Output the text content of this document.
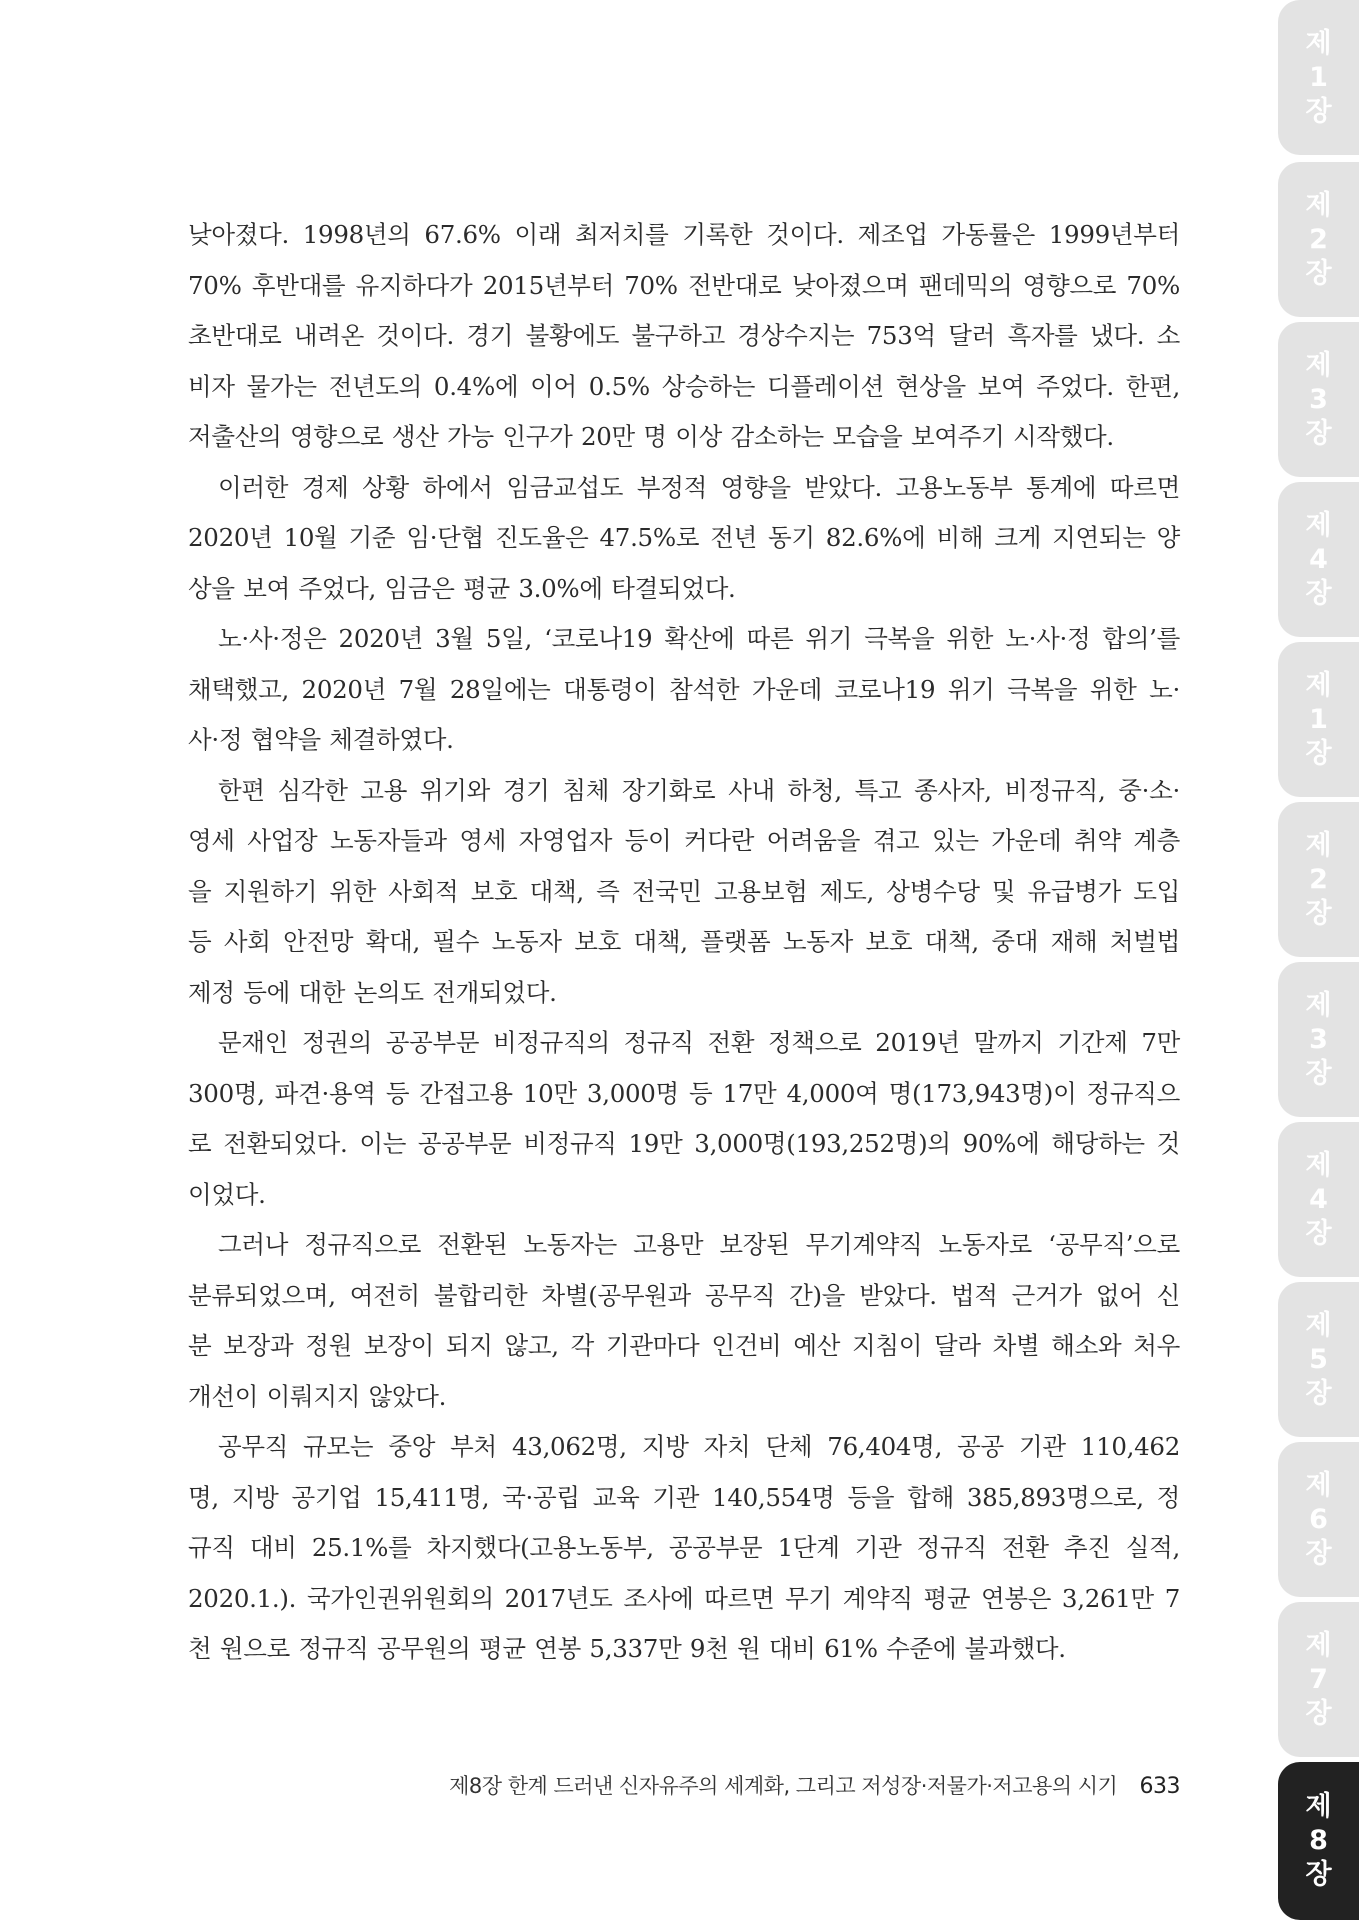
낮아졌다. 1998년의 67.6% 이래 최저치를 기록한 것이다. 제조업 가동률은 1999년부터
70% 후반대를 유지하다가 2015년부터 70% 전반대로 낮아졌으며 팬데믹의 영향으로 70%
초반대로 내려온 것이다. 경기 불황에도 불구하고 경상수지는 753억 달러 흑자를 냈다. 소
비자 물가는 전년도의 0.4%에 이어 0.5% 상승하는 디플레이션 현상을 보여 주었다. 한편,
저출산의 영향으로 생산 가능 인구가 20만 명 이상 감소하는 모습을 보여주기 시작했다.
이러한 경제 상황 하에서 임금교섭도 부정적 영향을 받았다. 고용노동부 통계에 따르면
2020년 10월 기준 임·단협 진도율은 47.5%로 전년 동기 82.6%에 비해 크게 지연되는 양
상을 보여 주었다, 임금은 평균 3.0%에 타결되었다.
노·사·정은 2020년 3월 5일, ‘코로나19 확산에 따른 위기 극복을 위한 노·사·정 합의’를
채택했고, 2020년 7월 28일에는 대통령이 참석한 가운데 코로나19 위기 극복을 위한 노·
사·정 협약을 체결하였다.
한편 심각한 고용 위기와 경기 침체 장기화로 사내 하청, 특고 종사자, 비정규직, 중·소·
영세 사업장 노동자들과 영세 자영업자 등이 커다란 어려움을 겪고 있는 가운데 취약 계층
을 지원하기 위한 사회적 보호 대책, 즉 전국민 고용보험 제도, 상병수당 및 유급병가 도입
등 사회 안전망 확대, 필수 노동자 보호 대책, 플랫폼 노동자 보호 대책, 중대 재해 처벌법
제정 등에 대한 논의도 전개되었다.
문재인 정권의 공공부문 비정규직의 정규직 전환 정책으로 2019년 말까지 기간제 7만
300명, 파견·용역 등 간접고용 10만 3,000명 등 17만 4,000여 명(173,943명)이 정규직으
로 전환되었다. 이는 공공부문 비정규직 19만 3,000명(193,252명)의 90%에 해당하는 것
이었다.
그러나 정규직으로 전환된 노동자는 고용만 보장된 무기계약직 노동자로 ‘공무직’으로
분류되었으며, 여전히 불합리한 차별(공무원과 공무직 간)을 받았다. 법적 근거가 없어 신
분 보장과 정원 보장이 되지 않고, 각 기관마다 인건비 예산 지침이 달라 차별 해소와 처우
개선이 이뤄지지 않았다.
공무직 규모는 중앙 부처 43,062명, 지방 자치 단체 76,404명, 공공 기관 110,462
명, 지방 공기업 15,411명, 국·공립 교육 기관 140,554명 등을 합해 385,893명으로, 정
규직 대비 25.1%를 차지했다(고용노동부, 공공부문 1단계 기관 정규직 전환 추진 실적,
2020.1.). 국가인권위원회의 2017년도 조사에 따르면 무기 계약직 평균 연봉은 3,261만 7
천 원으로 정규직 공무원의 평균 연봉 5,337만 9천 원 대비 61% 수준에 불과했다.
제8장 한계 드러낸 신자유주의 세계화, 그리고 저성장·저물가·저고용의 시기 633
제
1
장
제
2
장
제
3
장
제
4
장
제
1
장
제
2
장
제
3
장
제
4
장
제
5
장
제
6
장
제
7
장
제
8
장
